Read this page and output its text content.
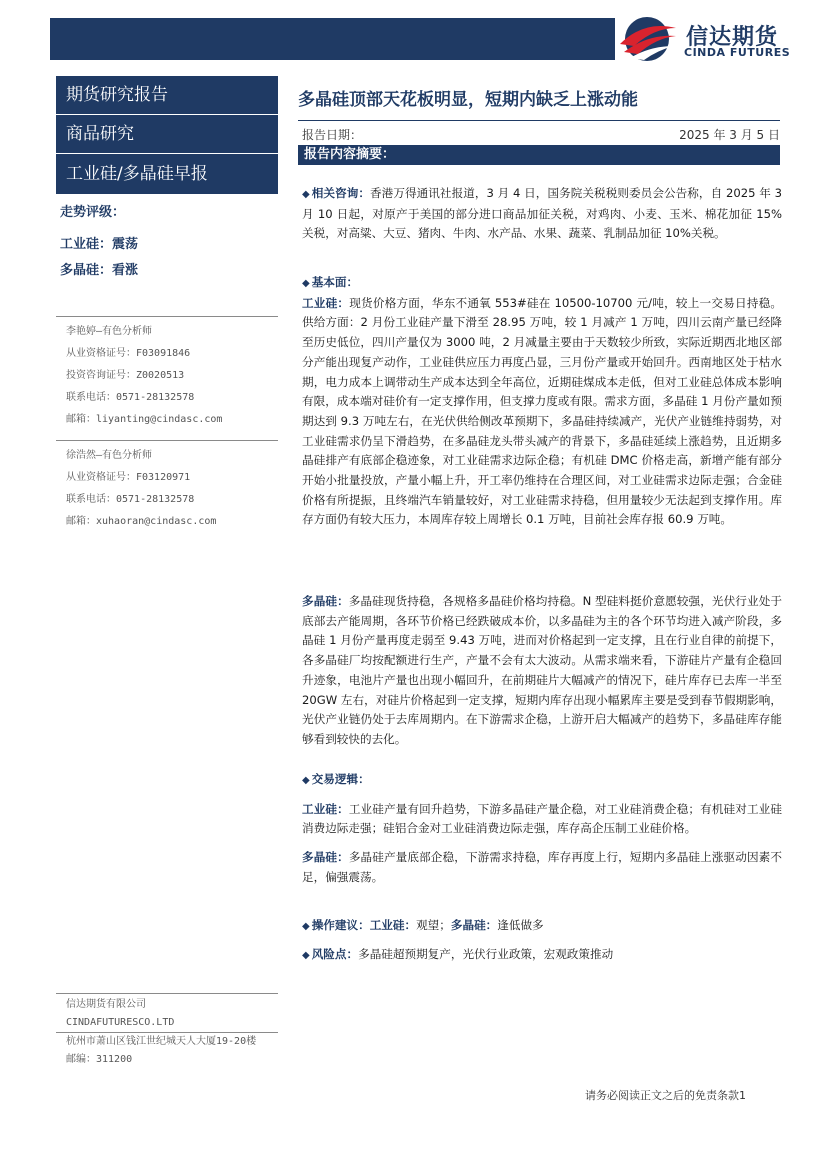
信达期货
CINDA FUTURES
期货研究报告
商品研究
工业硅/多晶硅早报
走势评级：
工业硅：震荡
多晶硅：看涨
李艳婷—有色分析师
从业资格证号：F03091846
投资咨询证号：Z0020513
联系电话：0571-28132578
邮箱：liyanting@cindasc.com
徐浩然—有色分析师
从业资格证号：F03120971
联系电话：0571-28132578
邮箱：xuhaoran@cindasc.com
信达期货有限公司
CINDAFUTURESCO.LTD
杭州市萧山区钱江世纪城天人大厦19-20楼
邮编：311200
多晶硅顶部天花板明显，短期内缺乏上涨动能
报告日期：	2025 年 3 月 5 日
报告内容摘要：

◆ 相关咨询：香港万得通讯社报道，3 月 4 日，国务院关税税则委员会公告称，自 2025 年 3 月 10 日起，对原产于美国的部分进口商品加征关税，对鸡肉、小麦、玉米、棉花加征 15%关税，对高粱、大豆、猪肉、牛肉、水产品、水果、蔬菜、乳制品加征 10%关税。

◆ 基本面：

工业硅：现货价格方面，华东不通氧 553#硅在 10500-10700 元/吨，较上一交易日持稳。供给方面：2 月份工业硅产量下滑至 28.95 万吨，较 1 月减产 1 万吨，四川云南产量已经降至历史低位，四川产量仅为 3000 吨，2 月减量主要由于天数较少所致，实际近期西北地区部分产能出现复产动作，工业硅供应压力再度凸显，三月份产量或开始回升。西南地区处于枯水期，电力成本上调带动生产成本达到全年高位，近期硅煤成本走低，但对工业硅总体成本影响有限，成本端对硅价有一定支撑作用，但支撑力度或有限。需求方面，多晶硅 1 月份产量如预期达到 9.3 万吨左右，在光伏供给侧改革预期下，多晶硅持续减产，光伏产业链维持弱势，对工业硅需求仍呈下滑趋势，在多晶硅龙头带头减产的背景下，多晶硅延续上涨趋势，且近期多晶硅排产有底部企稳迹象，对工业硅需求边际企稳；有机硅 DMC 价格走高，新增产能有部分开始小批量投放，产量小幅上升，开工率仍维持在合理区间，对工业硅需求边际走强；合金硅价格有所提振，且终端汽车销量较好，对工业硅需求持稳，但用量较少无法起到支撑作用。库存方面仍有较大压力，本周库存较上周增长 0.1 万吨，目前社会库存报 60.9 万吨。

多晶硅：多晶硅现货持稳，各规格多晶硅价格均持稳。N 型硅料挺价意愿较强，光伏行业处于底部去产能周期，各环节价格已经跌破成本价，以多晶硅为主的各个环节均进入减产阶段，多晶硅 1 月份产量再度走弱至 9.43 万吨，进而对价格起到一定支撑，且在行业自律的前提下，各多晶硅厂均按配额进行生产，产量不会有太大波动。从需求端来看，下游硅片产量有企稳回升迹象，电池片产量也出现小幅回升，在前期硅片大幅减产的情况下，硅片库存已去库一半至 20GW 左右，对硅片价格起到一定支撑，短期内库存出现小幅累库主要是受到春节假期影响，光伏产业链仍处于去库周期内。在下游需求企稳，上游开启大幅减产的趋势下，多晶硅库存能够看到较快的去化。

◆ 交易逻辑：

工业硅：工业硅产量有回升趋势，下游多晶硅产量企稳，对工业硅消费企稳；有机硅对工业硅消费边际走强；硅铝合金对工业硅消费边际走强，库存高企压制工业硅价格。

多晶硅：多晶硅产量底部企稳，下游需求持稳，库存再度上行，短期内多晶硅上涨驱动因素不足，偏强震荡。

◆ 操作建议：工业硅：观望；多晶硅：逢低做多

◆ 风险点：多晶硅超预期复产，光伏行业政策，宏观政策推动

请务必阅读正文之后的免责条款1
